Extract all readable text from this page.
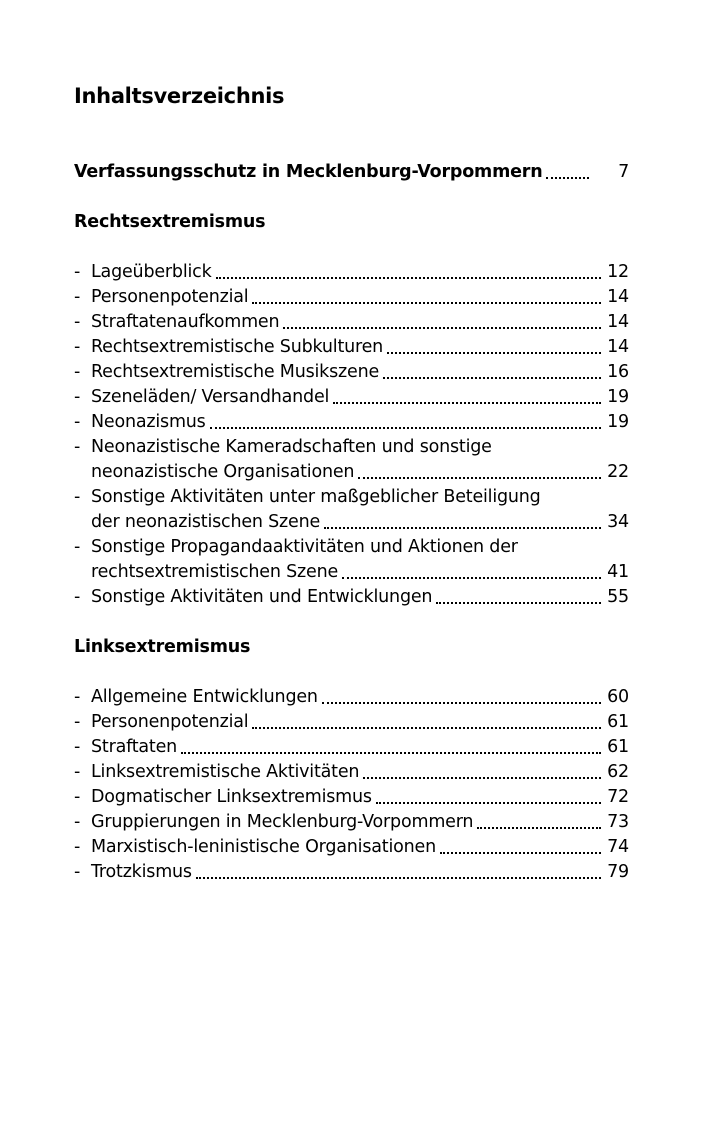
Inhaltsverzeichnis
Verfassungsschutz in Mecklenburg-Vorpommern	7
Rechtsextremismus
- Lageüberblick	12
- Personenpotenzial	14
- Straftatenaufkommen	14
- Rechtsextremistische Subkulturen	14
- Rechtsextremistische Musikszene	16
- Szeneläden/ Versandhandel	19
- Neonazismus	19
- Neonazistische Kameradschaften und sonstige
neonazistische Organisationen	22
- Sonstige Aktivitäten unter maßgeblicher Beteiligung
der neonazistischen Szene	34
- Sonstige Propagandaaktivitäten und Aktionen der
rechtsextremistischen Szene	41
- Sonstige Aktivitäten und Entwicklungen	55
Linksextremismus
- Allgemeine Entwicklungen	60
- Personenpotenzial	61
- Straftaten	61
- Linksextremistische Aktivitäten	62
- Dogmatischer Linksextremismus	72
- Gruppierungen in Mecklenburg-Vorpommern	73
- Marxistisch-leninistische Organisationen	74
- Trotzkismus	79
